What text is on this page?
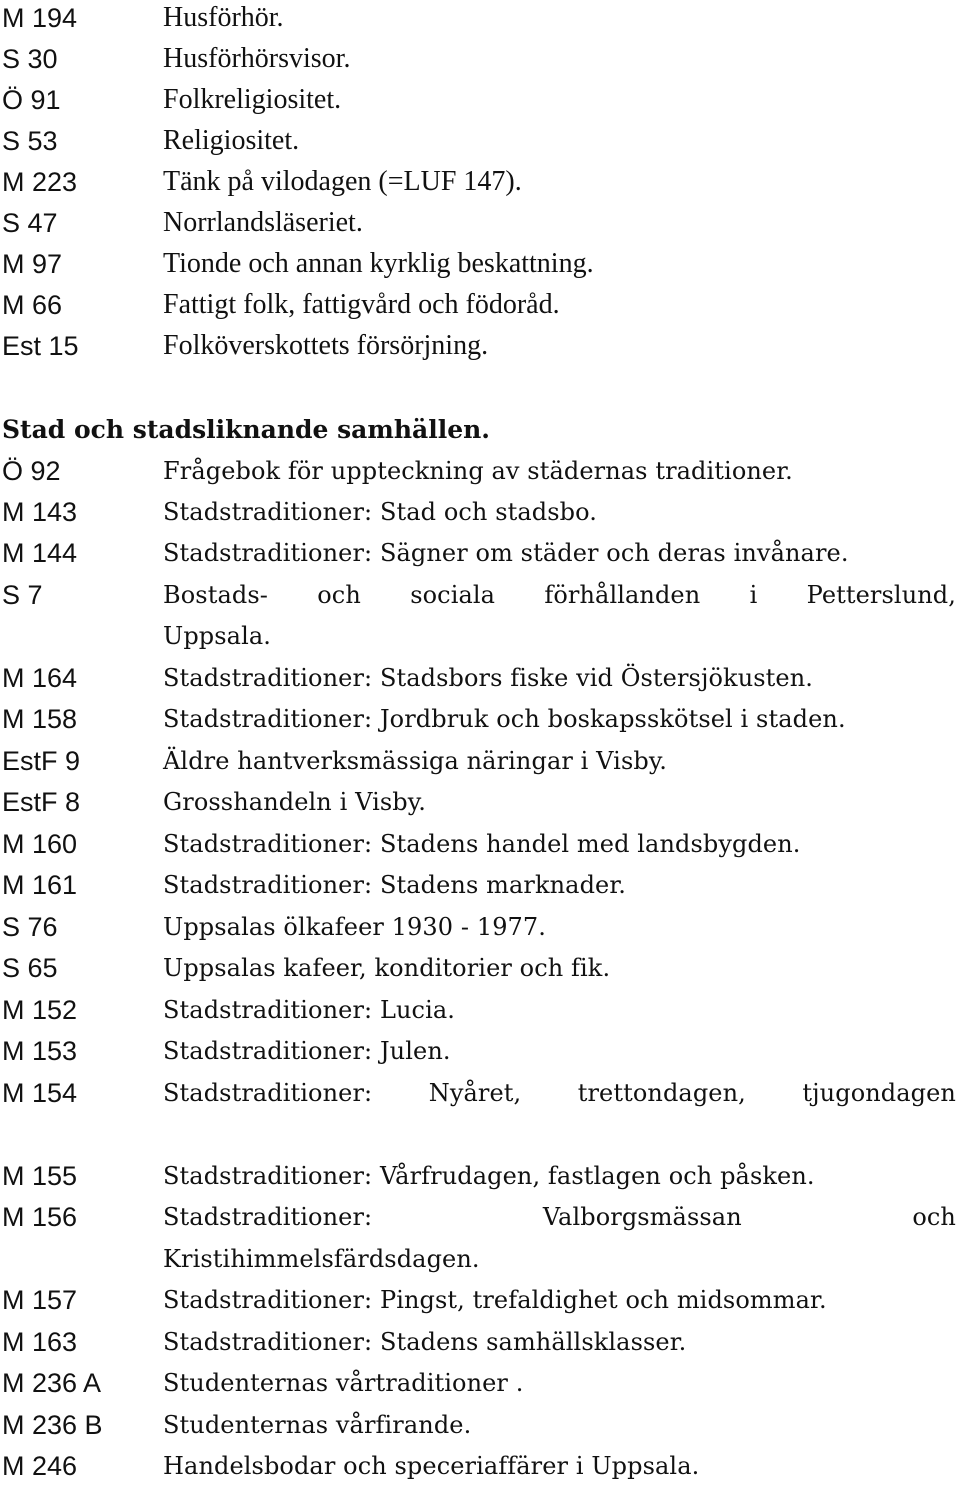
M 194	Husförhör.
S 30	Husförhörsvisor.
Ö 91	Folkreligiositet.
S 53	Religiositet.
M 223	Tänk på vilodagen (=LUF 147).
S 47	Norrlandsläseriet.
M 97	Tionde och annan kyrklig beskattning.
M 66	Fattigt folk, fattigvård och födoråd.
Est 15	Folköverskottets försörjning.
Stad och stadsliknande samhällen.
Ö 92	Frågebok för uppteckning av städernas traditioner.
M 143	Stadstraditioner: Stad och stadsbo.
M 144	Stadstraditioner: Sägner om städer och deras invånare.
S 7	Bostads- och sociala förhållanden i Petterslund,
Uppsala.
M 164	Stadstraditioner: Stadsbors fiske vid Östersjökusten.
M 158	Stadstraditioner: Jordbruk och boskapsskötsel i staden.
EstF 9	Äldre hantverksmässiga näringar i Visby.
EstF 8	Grosshandeln i Visby.
M 160	Stadstraditioner: Stadens handel med landsbygden.
M 161	Stadstraditioner: Stadens marknader.
S 76	Uppsalas ölkafeer 1930 - 1977.
S 65	Uppsalas kafeer, konditorier och fik.
M 152	Stadstraditioner: Lucia.
M 153	Stadstraditioner: Julen.
M 154	Stadstraditioner: Nyåret, trettondagen, tjugondagen
M 155	Stadstraditioner: Vårfrudagen, fastlagen och påsken.
M 156	Stadstraditioner: Valborgsmässan och
Kristihimmelsfärdsdagen.
M 157	Stadstraditioner: Pingst, trefaldighet och midsommar.
M 163	Stadstraditioner: Stadens samhällsklasser.
M 236 A	Studenternas vårtraditioner .
M 236 B	Studenternas vårfirande.
M 246	Handelsbodar och speceriaffärer i Uppsala.
